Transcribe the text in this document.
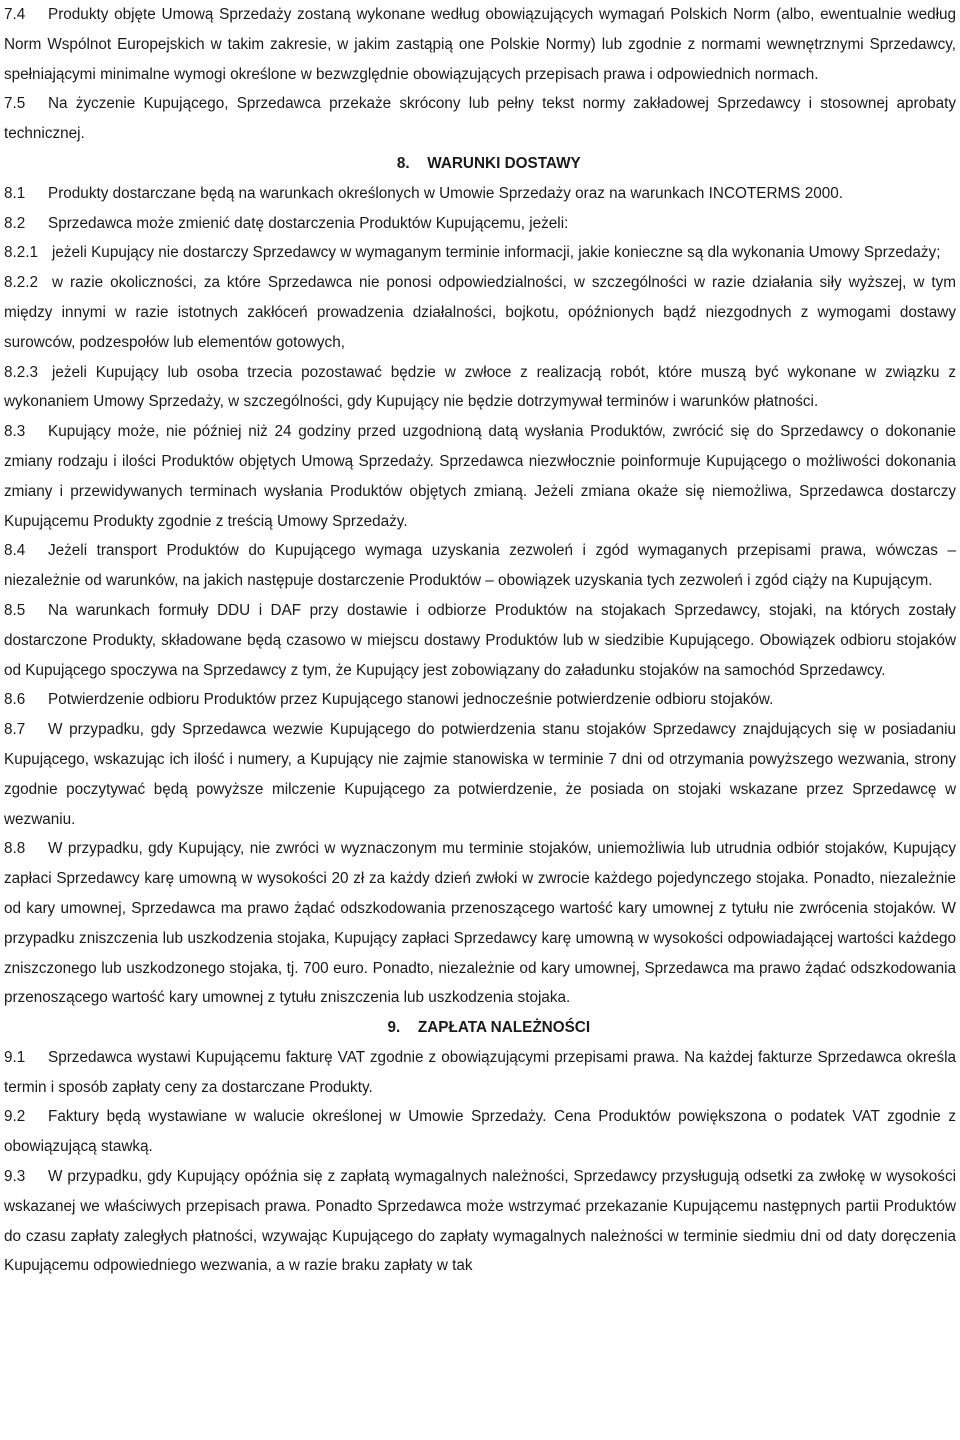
7.4 Produkty objęte Umową Sprzedaży zostaną wykonane według obowiązujących wymagań Polskich Norm (albo, ewentualnie według Norm Wspólnot Europejskich w takim zakresie, w jakim zastąpią one Polskie Normy) lub zgodnie z normami wewnętrznymi Sprzedawcy, spełniającymi minimalne wymogi określone w bezwzględnie obowiązujących przepisach prawa i odpowiednich normach.

7.5 Na życzenie Kupującego, Sprzedawca przekaże skrócony lub pełny tekst normy zakładowej Sprzedawcy i stosownej aprobaty technicznej.

8. WARUNKI DOSTAWY

8.1 Produkty dostarczane będą na warunkach określonych w Umowie Sprzedaży oraz na warunkach INCOTERMS 2000.

8.2 Sprzedawca może zmienić datę dostarczenia Produktów Kupującemu, jeżeli:

8.2.1 jeżeli Kupujący nie dostarczy Sprzedawcy w wymaganym terminie informacji, jakie konieczne są dla wykonania Umowy Sprzedaży;

8.2.2 w razie okoliczności, za które Sprzedawca nie ponosi odpowiedzialności, w szczególności w razie działania siły wyższej, w tym między innymi w razie istotnych zakłóceń prowadzenia działalności, bojkotu, opóźnionych bądź niezgodnych z wymogami dostawy surowców, podzespołów lub elementów gotowych,

8.2.3 jeżeli Kupujący lub osoba trzecia pozostawać będzie w zwłoce z realizacją robót, które muszą być wykonane w związku z wykonaniem Umowy Sprzedaży, w szczególności, gdy Kupujący nie będzie dotrzymywał terminów i warunków płatności.

8.3 Kupujący może, nie później niż 24 godziny przed uzgodnioną datą wysłania Produktów, zwrócić się do Sprzedawcy o dokonanie zmiany rodzaju i ilości Produktów objętych Umową Sprzedaży. Sprzedawca niezwłocznie poinformuje Kupującego o możliwości dokonania zmiany i przewidywanych terminach wysłania Produktów objętych zmianą. Jeżeli zmiana okaże się niemożliwa, Sprzedawca dostarczy Kupującemu Produkty zgodnie z treścią Umowy Sprzedaży.

8.4 Jeżeli transport Produktów do Kupującego wymaga uzyskania zezwoleń i zgód wymaganych przepisami prawa, wówczas – niezależnie od warunków, na jakich następuje dostarczenie Produktów – obowiązek uzyskania tych zezwoleń i zgód ciąży na Kupującym.

8.5 Na warunkach formuły DDU i DAF przy dostawie i odbiorze Produktów na stojakach Sprzedawcy, stojaki, na których zostały dostarczone Produkty, składowane będą czasowo w miejscu dostawy Produktów lub w siedzibie Kupującego. Obowiązek odbioru stojaków od Kupującego spoczywa na Sprzedawcy z tym, że Kupujący jest zobowiązany do załadunku stojaków na samochód Sprzedawcy.

8.6 Potwierdzenie odbioru Produktów przez Kupującego stanowi jednocześnie potwierdzenie odbioru stojaków.

8.7 W przypadku, gdy Sprzedawca wezwie Kupującego do potwierdzenia stanu stojaków Sprzedawcy znajdujących się w posiadaniu Kupującego, wskazując ich ilość i numery, a Kupujący nie zajmie stanowiska w terminie 7 dni od otrzymania powyższego wezwania, strony zgodnie poczytywać będą powyższe milczenie Kupującego za potwierdzenie, że posiada on stojaki wskazane przez Sprzedawcę w wezwaniu.

8.8 W przypadku, gdy Kupujący, nie zwróci w wyznaczonym mu terminie stojaków, uniemożliwia lub utrudnia odbiór stojaków, Kupujący zapłaci Sprzedawcy karę umowną w wysokości 20 zł za każdy dzień zwłoki w zwrocie każdego pojedynczego stojaka. Ponadto, niezależnie od kary umownej, Sprzedawca ma prawo żądać odszkodowania przenoszącego wartość kary umownej z tytułu nie zwrócenia stojaków. W przypadku zniszczenia lub uszkodzenia stojaka, Kupujący zapłaci Sprzedawcy karę umowną w wysokości odpowiadającej wartości każdego zniszczonego lub uszkodzonego stojaka, tj. 700 euro. Ponadto, niezależnie od kary umownej, Sprzedawca ma prawo żądać odszkodowania przenoszącego wartość kary umownej z tytułu zniszczenia lub uszkodzenia stojaka.

9. ZAPŁATA NALEŻNOŚCI

9.1 Sprzedawca wystawi Kupującemu fakturę VAT zgodnie z obowiązującymi przepisami prawa. Na każdej fakturze Sprzedawca określa termin i sposób zapłaty ceny za dostarczane Produkty.

9.2 Faktury będą wystawiane w walucie określonej w Umowie Sprzedaży. Cena Produktów powiększona o podatek VAT zgodnie z obowiązującą stawką.

9.3 W przypadku, gdy Kupujący opóźnia się z zapłatą wymagalnych należności, Sprzedawcy przysługują odsetki za zwłokę w wysokości wskazanej we właściwych przepisach prawa. Ponadto Sprzedawca może wstrzymać przekazanie Kupującemu następnych partii Produktów do czasu zapłaty zaległych płatności, wzywając Kupującego do zapłaty wymagalnych należności w terminie siedmiu dni od daty doręczenia Kupującemu odpowiedniego wezwania, a w razie braku zapłaty w tak
